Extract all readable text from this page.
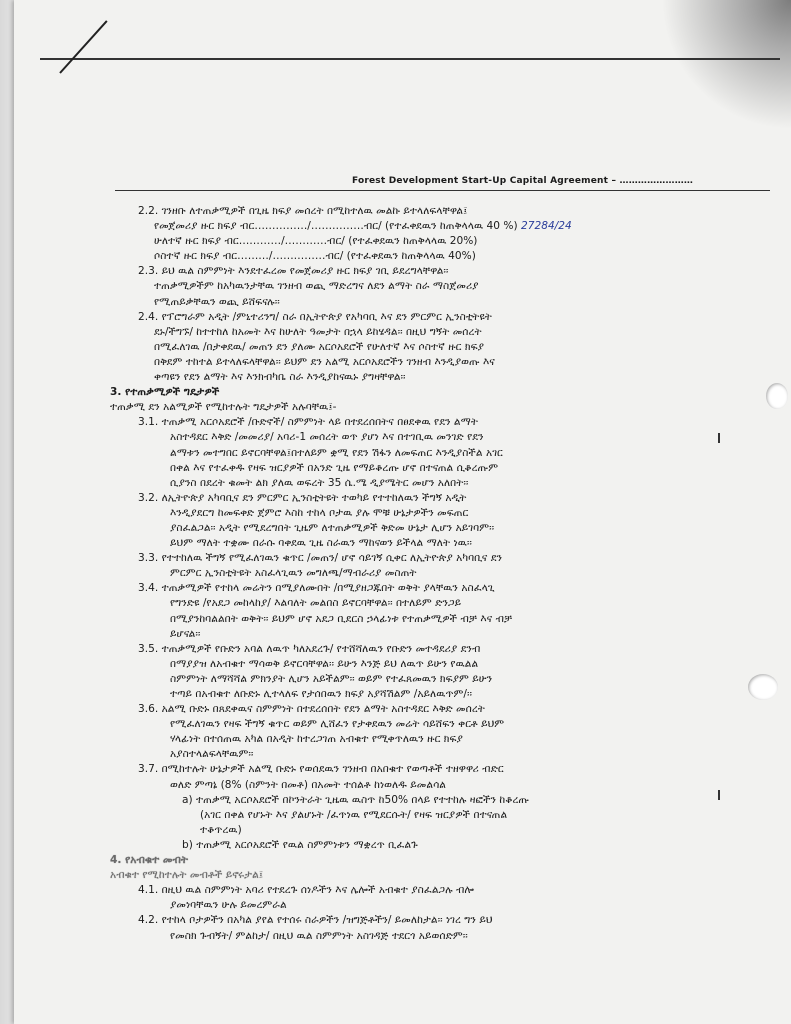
Forest Development Start-Up Capital Agreement – ……………………
2.2. ገንዘቡ ለተጠቃሚዎች በጊዜ ክፍያ መሰረት በሚከተለዉ መልኩ ይተላለፍላቸዋል፤
የመጀመሪያ ዙር ክፍያ ብር……………/……………ብር/ (የተፈቀደዉን ከጠቅላላዉ 40 %) 27284/24
ሁለተኛ ዙር ክፍያ ብር…………/…………ብር/ (የተፈቀደዉን ከጠቅላላዉ 20%)
ሶስተኛ ዙር ክፍያ ብር………/……………ብር/ (የተፈቀደዉን ከጠቅላላዉ 40%)
2.3. ይህ ዉል ስምምነት እንደተፈረመ የመጀመሪያ ዙር ክፍያ ገቢ ይደረግላቸዋል፡፡
ተጠቃሚዎችም ከአካዉንታቸዉ ገንዘብ ወጪ ማድረግና ለደን ልማት ስራ ማስጀመሪያ
የሚጠይቃቸዉን ወጪ ይሸፍናሉ፡፡
2.4. የፕሮግራም አዲት /ምኒተሪንግ/ ስራ በኢትዮጵያ የአካባቢ እና ደን ምርምር ኢንስቲትዩት
ደኑ/ችግኙ/ ከተተከለ ከአመት እና ከሁለት ዓመታት በኋላ ይከሄዳል፡፡ በዚህ ግኝት መሰረት
በሚፈለገዉ /በታቀደዉ/ መጠን ደን ያለሙ አርሶአደሮች የሁለተኛ እና ሶስተኛ ዙር ክፍያ
በቅደም ተከተል ይተላለፍላቸዋል፡፡ ይህም ደን አልሚ አርሶአደሮችን ገንዘብ እንዲያወጡ እና
ቀጣዩን የደን ልማት እና እንክብካቤ ስራ እንዲያከናዉኑ ያግዛቸዋል፡፡
3. የተጠቃሚዎች ግዴታዎች
ተጠቃሚ ደን አልሚዎች የሚከተሉት ግዴታዎች አሉባቸዉ፤-
3.1. ተጠቃሚ አርሶአደሮች /ቡድኖች/ ስምምነት ላይ በተደረሰበትና በፀደቀዉ የደን ልማት
አስተዳደር እቅድ /መመሪያ/ አባሪ-1 መሰረት ወጥ ያሆነ እና በተገቢዉ መንገድ የደን
ልማቱን መተግበር ይኖርባቸዋል፤በተለይም ቋሚ የደን ሽፋን ለመፍጠር እንዲያስችል አገር
በቀል እና የተፈቀዱ የዛፍ ዝርያዎች በአንድ ጊዜ የማይቆረጡ ሆኖ በተናጠል ሲቆረጡም
ሲያንስ በደረት ቁመት ልክ ያለዉ ወፍረት 35 ሴ.ሜ ዲያሜትር መሆን አለበት፡፡
3.2. ለኢትዮጵያ አካባቢና ደን ምርምር ኢንስቲትዩት ተወካይ የተተከለዉን ችግኝ አዲት
እንዲያደርግ ከመፍቀድ ጀምሮ እስከ ተከላ ቦታዉ ያሉ ሞቹ ሁኔታዎችን መፍጠር
ያስፈልጋል፡፡ አዲት የሚደረግበት ጊዜም ለተጠቃሚዎች ቅድመ ሁኔታ ሊሆን አይገባም፡፡
ይህም ማለት ተቋሙ በራሱ ባቀደዉ ጊዜ ስራዉን ማከናወን ይችላል ማለት ነዉ፡፡
3.3. የተተከለዉ ችግኝ የሚፈለገዉን ቁጥር /መጠን/ ሆኖ ሳይገኝ ሲቀር ለኢትዮጵያ አካባቢና ደን
ምርምር ኢንስቲትዩት አስፈላጊዉን መግለጫ/ማብራሪያ መስጠት
3.4. ተጠቃሚዎች የተከላ መሬትን በሚያለሙበት /በሚያዘጋጁበት ወቅት ያላቸዉን አስፈላጊ
የግንድዩ /የአደጋ መከላከያ/ እልባለት መልበስ ይኖርባቸዋል፡፡ በተለይም ድንጋይ
በሚያንከባልልበት ወቅት፡፡ ይህም ሆኖ አደጋ ቢደርስ ኃላፊነቱ የተጠቃሚዎች ብቻ እና ብቻ
ይሆናል፡፡
3.5. ተጠቃሚዎች የቡድን አባል ለዉጥ ካለአደረጉ/ የተሸሻለዉን የቡድን መተዳደሪያ ደንብ
በማያያዝ ለአብቁተ ማሳወቅ ይኖርባቸዋል፡፡ ይሁን እንጅ ይህ ለዉጥ ይሁን የዉልል
ስምምነት ለማሻሻል ምክንያት ሊሆን አይችልም፡፡ ወይም የተፈጸመዉን ክፍያም ይሁን
ተጣይ በአብቁተ ለቡድኑ ሊተላለፍ የታሰበዉን ክፍያ አያሻሽልም /አይለዉጥም/፡፡
3.6. አልሚ ቡድኑ በጸደቀዉና ስምምነት በተደረሰበት የደን ልማት አስተዳደር እቅድ መሰረት
የሚፈለገዉን የዛፍ ችግኝ ቁጥር ወይም ሊሸፈን የታቀደዉን መሬት ሳይሸፍን ቀርቶ ይህም
ሃላፊነት በተሰጠዉ አካል በአዲት ከተረጋገጠ አብቁተ የሚቀጥለዉን ዙር ክፍያ
አያስተላልፍላቸዉም፡፡
3.7. በሚከተሉት ሁኔታዎች አልሚ ቡድኑ የወሰደዉን ገንዘብ በአበቁተ የወጣቶች ተዘዋዋሪ ብድር
ወለድ ምጣኔ (8% (ስምንት በመቶ) በአመት ተሰልቶ ከነወለዱ ይመልሳል
a) ተጠቃሚ አርሶአደሮች በኮንትራት ጊዜዉ ዉስጥ ከ50% በላይ የተተከሉ ዛፎችን ከቆረጡ
(አገር በቀል የሆኑት እና ያልሆኑት /ፈጥነዉ የሚደርሱት/ የዛፍ ዝርያዎች በተናጠል
ተቆጥረዉ)
b) ተጠቃሚ አርሶአደሮች የዉል ስምምነቱን ማቋረጥ ቢፈልጉ
4. የአብቁተ መብት
አብቁተ የሚከተሉት መብቶች ይኖሩታል፤
4.1. በዚህ ዉል ስምምነት አባሪ የተደረጉ ሰነዶችን እና ሌሎች አብቁተ ያስፈልጋሉ ብሎ
ያመነባቸዉን ሁሉ ይመረምራል
4.2. የተከላ ቦታዎችን በአካል ያየል የተሰሩ ስራዎችን /ዝግጅቶችን/ ይመለከታል፡፡ ነገረ ግን ይህ
የመስክ ጉብኝት/ ምልከታ/ በዚህ ዉል ስምምነት አስገዳጅ ተደርጎ አይወሰድም፡፡
